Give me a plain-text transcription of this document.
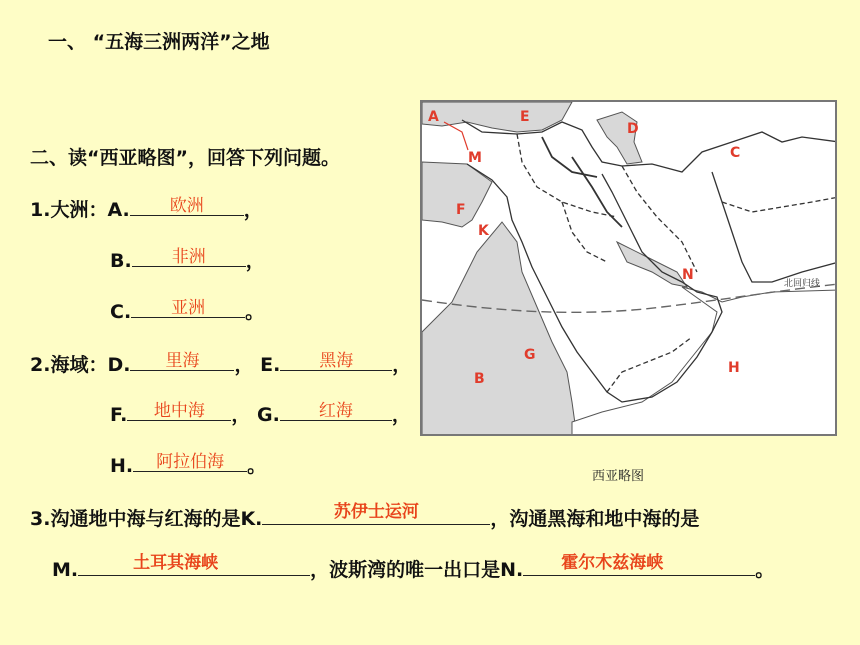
一、 “五海三洲两洋”之地
二、读“西亚略图”，回答下列问题。
1.大洲：A.	欧洲	，
B.	非洲	，
C.	亚洲	。
2.海域：D.	里海	， E.	黑海	，
F.	地中海	， G.	红海	，
H.	阿拉伯海	。
3.沟通地中海与红海的是K.	苏伊士运河	，沟通黑海和地中海的是
M.	土耳其海峡	，波斯湾的唯一出口是N. 霍尔木兹海峡	。
北回归线
A	E
D
C
M
F
K
N
G
B
H
西亚略图
